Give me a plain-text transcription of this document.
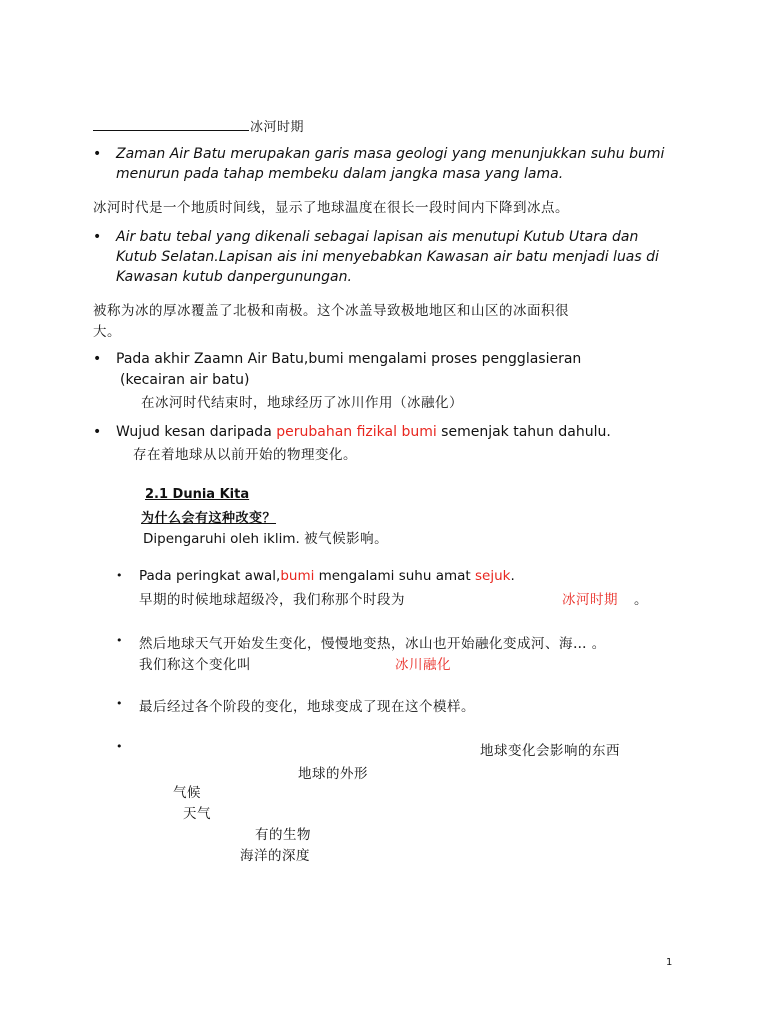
冰河时期
• Zaman Air Batu merupakan garis masa geologi yang menunjukkan suhu bumi
menurun pada tahap membeku dalam jangka masa yang lama.
冰河时代是一个地质时间线，显示了地球温度在很长一段时间内下降到冰点。
• Air batu tebal yang dikenali sebagai lapisan ais menutupi Kutub Utara dan
Kutub Selatan.Lapisan ais ini menyebabkan Kawasan air batu menjadi luas di
Kawasan kutub danpergunungan.
被称为冰的厚冰覆盖了北极和南极。这个冰盖导致极地地区和山区的冰面积很
大。
• Pada akhir Zaamn Air Batu,bumi mengalami proses pengglasieran
(kecairan air batu)
在冰河时代结束时，地球经历了冰川作用（冰融化）
• Wujud kesan daripada perubahan fizikal bumi semenjak tahun dahulu.
存在着地球从以前开始的物理变化。
2.1 Dunia Kita
为什么会有这种改变？
Dipengaruhi oleh iklim. 被气候影响。
• Pada peringkat awal,bumi mengalami suhu amat sejuk.
早期的时候地球超级冷，我们称那个时段为	冰河时期 。
• 然后地球天气开始发生变化，慢慢地变热，冰山也开始融化变成河、海… 。
我们称这个变化叫	冰川融化
• 最后经过各个阶段的变化，地球变成了现在这个模样。
•	地球变化会影响的东西
地球的外形
气候
天气
有的生物
海洋的深度
1
